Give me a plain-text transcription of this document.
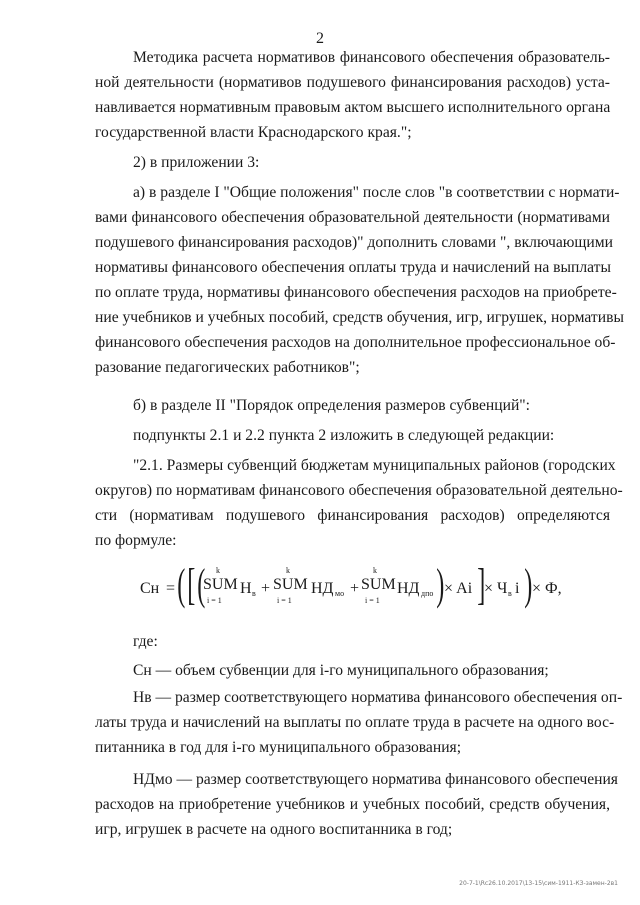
2
Методика расчета нормативов финансового обеспечения образователь-
ной деятельности (нормативов подушевого финансирования расходов) уста-
навливается нормативным правовым актом высшего исполнительного органа
государственной власти Краснодарского края.";
2) в приложении 3:
а) в разделе I "Общие положения" после слов "в соответствии с нормати-
вами финансового обеспечения образовательной деятельности (нормативами
подушевого финансирования расходов)" дополнить словами ", включающими
нормативы финансового обеспечения оплаты труда и начислений на выплаты
по оплате труда, нормативы финансового обеспечения расходов на приобрете-
ние учебников и учебных пособий, средств обучения, игр, игрушек, нормативы
финансового обеспечения расходов на дополнительное профессиональное об-
разование педагогических работников";
б) в разделе II "Порядок определения размеров субвенций":
подпункты 2.1 и 2.2 пункта 2 изложить в следующей редакции:
"2.1. Размеры субвенций бюджетам муниципальных районов (городских
округов) по нормативам финансового обеспечения образовательной деятельно-
сти (нормативам подушевого финансирования расходов) определяются
по формуле:
Сн = ( [ ( k
SUM
i = 1
Н в +
k
SUM
i = 1
НД мо +
k
SUM
i = 1
НД дпо ) × Ai ]
× Ч в i ) × Ф,
где:
Сн — объем субвенции для i-го муниципального образования;
Нв — размер соответствующего норматива финансового обеспечения оп-
латы труда и начислений на выплаты по оплате труда в расчете на одного вос-
питанника в год для i-го муниципального образования;
НДмо — размер соответствующего норматива финансового обеспечения
расходов на приобретение учебников и учебных пособий, средств обучения,
игр, игрушек в расчете на одного воспитанника в год;
20-7-1\Rc26.10.2017\13-15\сим-1911-КЗ-замен-2в1
